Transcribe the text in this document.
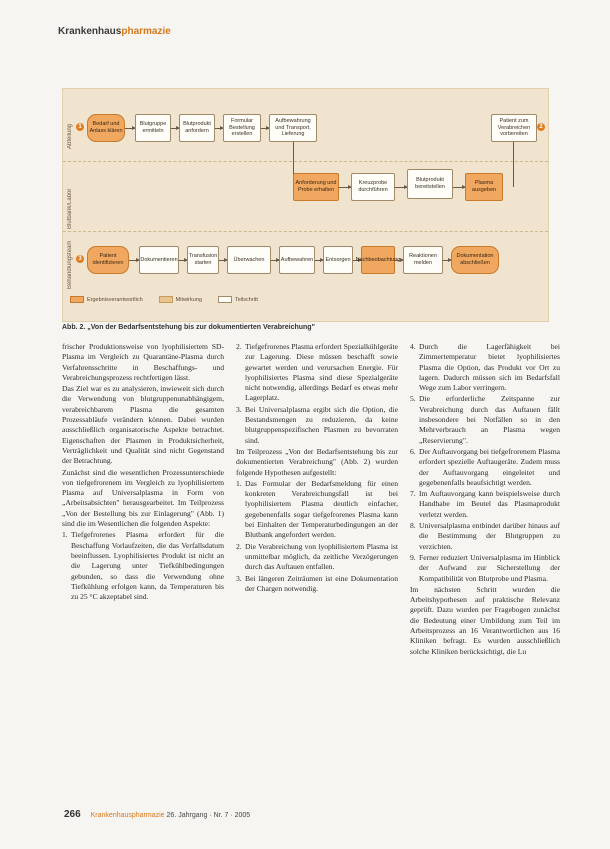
Krankenhauspharmazie
Abteilung
Blutbank/Labor
Behandlungsteam
1	Bedarf und Anlass klären
Blutgruppe ermitteln
Blutprodukt anfordern
Formular Bestellung erstellen
Aufbewahrung und Transport, Lieferung
Patient zum Verabreichen vorbereiten
2
Anforderung und Probe erhalten
Kreuzprobe durchführen
Blutprodukt bereitstellen
Plasma ausgeben
3	Patient identifizieren
Dokumentieren
Transfusion starten
Überwachen	Aufbewahren	Entsorgen Nachbeobachtung
Reaktionen melden
Dokumentation abschließen
Ergebnisverantwortlich	Mitwirkung	Teilschritt
Abb. 2. „Von der Bedarfsentstehung bis zur dokumentierten Verabreichung"

frischer Produktionsweise von lyophilisiertem SD-Plasma im Vergleich zu Quarantäne-Plasma durch Verfahrensschritte in Beschaffungs- und Verabreichungsprozess rechtfertigen lässt.

Das Ziel war es zu analysieren, inwieweit sich durch die Verwendung von blutgruppenunabhängigem, verabreichbarem Plasma die gesamten Prozessabläufe verändern können. Dabei wurden ausschließlich organisatorische Aspekte betrachtet. Eigenschaften der Plasmen in Produktsicherheit, Verträglichkeit und Qualität sind nicht Gegenstand der Betrachtung.

Zunächst sind die wesentlichen Prozessunterschiede von tiefgefrorenem im Vergleich zu lyophilisiertem Plasma auf Universalplasma in Form von „Arbeitsabsichten" herausgearbeitet. Im Teilprozess „Von der Bestellung bis zur Einlagerung" (Abb. 1) sind die im Wesentlichen die folgenden Aspekte:

1. Tiefgefrorenes Plasma erfordert für die Beschaffung Vorlaufzeiten, die das Verfallsdatum beeinflussen. Lyophilisiertes Produkt ist nicht an die Lagerung unter Tiefkühlbedingungen gebunden, so dass die Verwendung ohne Tiefkühlung erfolgen kann, da Temperaturen bis zu 25 °C akzeptabel sind.
2. Tiefgefrorenes Plasma erfordert Spezialkühlgeräte zur Lagerung. Diese müssen beschafft sowie gewartet werden und verursachen Energie. Für lyophilisiertes Plasma sind diese Spezialgeräte nicht notwendig, allerdings Bedarf es etwas mehr Lagerplatz.
3. Bei Universalplasma ergibt sich die Option, die Bestandsmengen zu reduzieren, da keine blutgruppenspezifischen Plasmen zu bevorraten sind.

Im Teilprozess „Von der Bedarfsentstehung bis zur dokumentierten Verabreichung" (Abb. 2) wurden folgende Hypothesen aufgestellt:

1. Das Formular der Bedarfsmeldung für einen konkreten Verabreichungsfall ist bei lyophilisiertem Plasma deutlich einfacher, gegebenenfalls sogar tiefgefrorenes Plasma kann bei Einhalten der Temperaturbedingungen an der Blutbank angefordert werden.
2. Die Verabreichung von lyophilisiertem Plasma ist unmittelbar möglich, da zeitliche Verzögerungen durch das Auftauen entfallen.
3. Bei längeren Zeiträumen ist eine Dokumentation der Chargen notwendig.
4. Durch die Lagerfähigkeit bei Zimmertemperatur bietet lyophilisiertes Plasma die Option, das Produkt vor Ort zu lagern. Dadurch müssen sich im Bedarfsfall Wege zum Labor verringern.
5. Die erforderliche Zeitspanne zur Verabreichung durch das Auftauen fällt insbesondere bei Notfällen so in den Mehrverbrauch an Plasma wegen „Reservierung".
6. Der Auftauvorgang bei tiefgefrorenem Plasma erfordert spezielle Auftaugeräte. Zudem muss der Auftauvorgang eingeleitet und gegebenenfalls beaufsichtigt werden.
7. Im Auftauvorgang kann beispielsweise durch Handhabe im Beutel das Plasmaprodukt verletzt werden.
8. Universalplasma entbindet darüber hinaus auf die Bestimmung der Blutgruppen zu verzichten.
9. Ferner reduziert Universalplasma im Hinblick der Aufwand zur Sicherstellung der Kompatibilität von Blutprobe und Plasma.

Im nächsten Schritt wurden die Arbeitshypothesen auf praktische Relevanz geprüft. Dazu wurden per Fragebogen zunächst die Bedeutung einer Umbildung zum Teil im Arbeitsprozess an 16 Verantwortlichen aus 16 Kliniken befragt. Es wurden ausschließlich solche Kliniken berücksichtigt, die Lu

266 Krankenhauspharmazie 26. Jahrgang · Nr. 7 · 2005
